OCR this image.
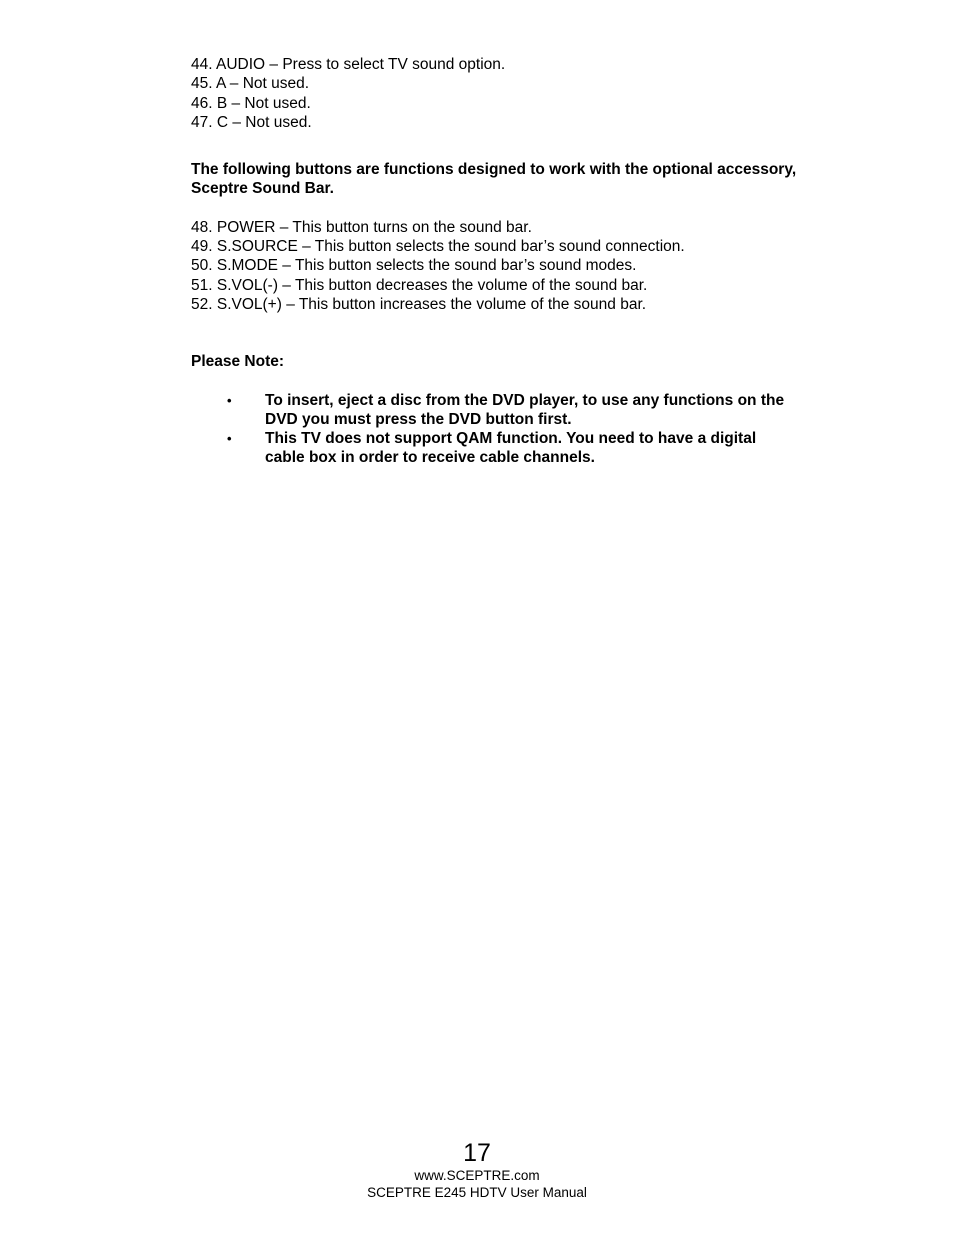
44. AUDIO – Press to select TV sound option.
45. A – Not used.
46. B – Not used.
47. C – Not used.
The following buttons are functions designed to work with the optional accessory,
Sceptre Sound Bar.
48. POWER – This button turns on the sound bar.
49. S.SOURCE – This button selects the sound bar’s sound connection.
50. S.MODE – This button selects the sound bar’s sound modes.
51. S.VOL(-) – This button decreases the volume of the sound bar.
52. S.VOL(+) – This button increases the volume of the sound bar.
Please Note:
•	To insert, eject a disc from the DVD player, to use any functions on the
DVD you must press the DVD button first.
•	This TV does not support QAM function. You need to have a digital
cable box in order to receive cable channels.
17
www.SCEPTRE.com
SCEPTRE E245 HDTV User Manual
